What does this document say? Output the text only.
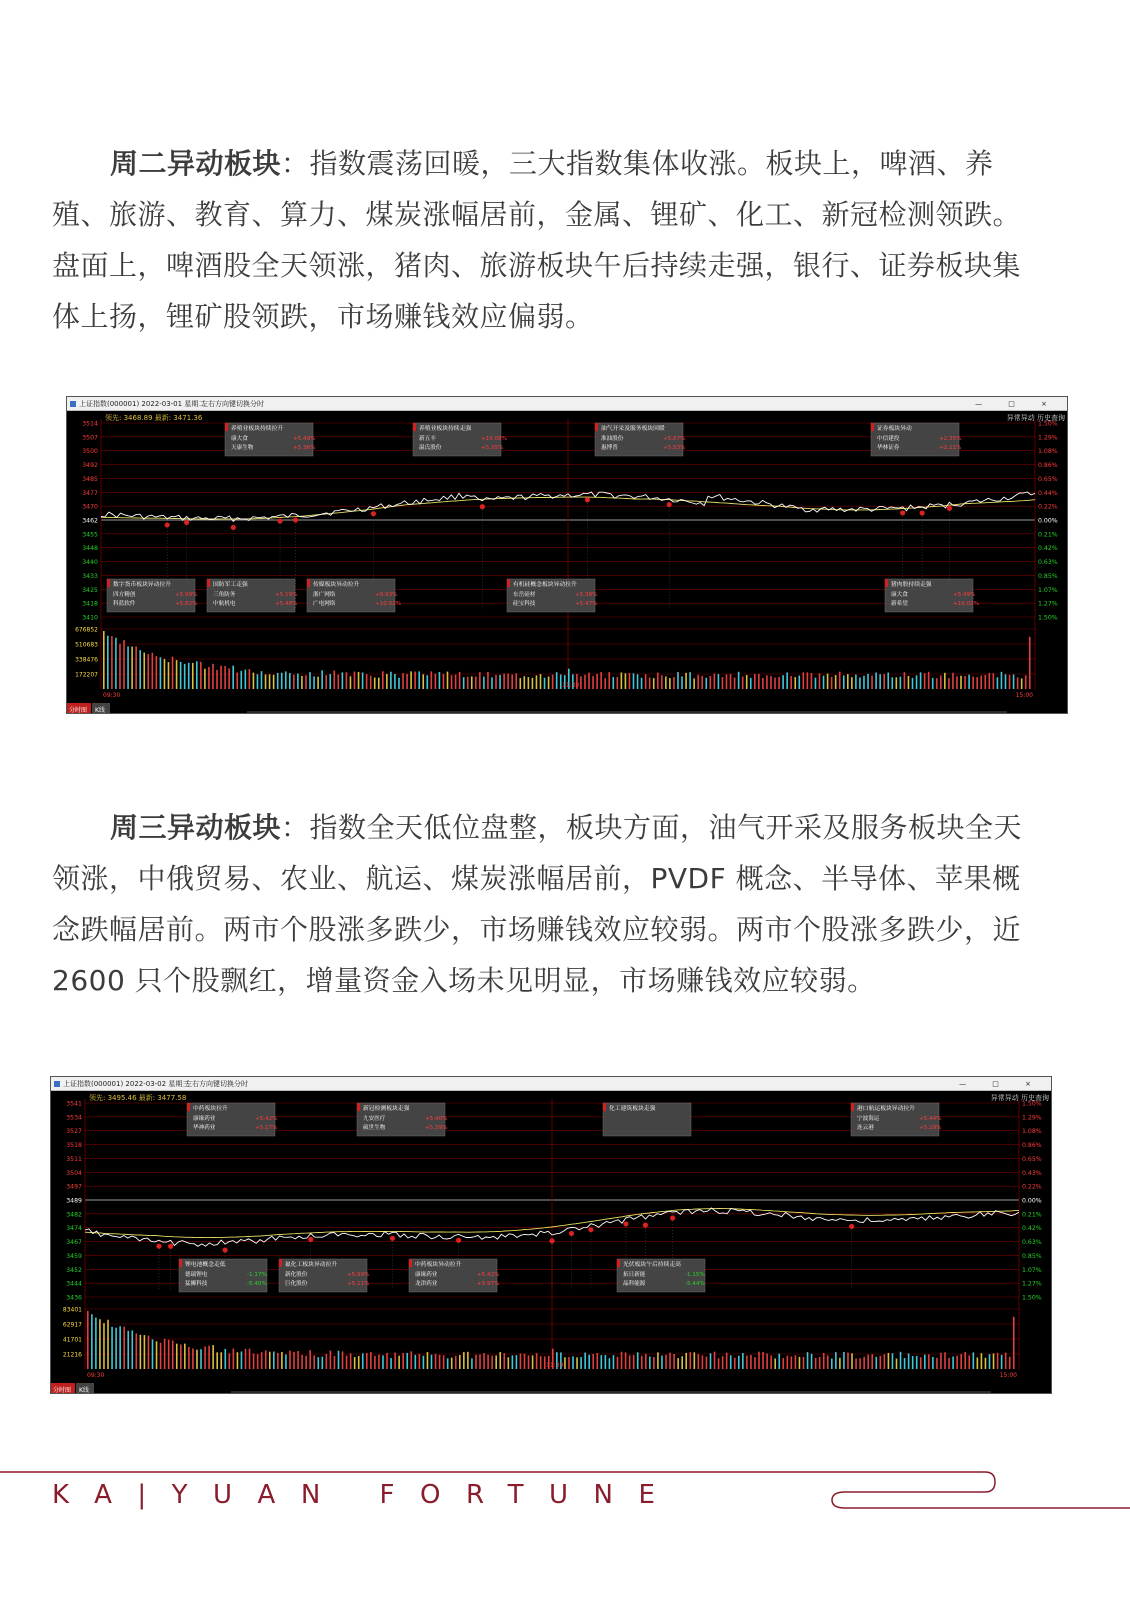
周二异动板块：指数震荡回暖，三大指数集体收涨。板块上，啤酒、养殖、旅游、教育、算力、煤炭涨幅居前，金属、锂矿、化工、新冠检测领跌。盘面上，啤酒股全天领涨，猪肉、旅游板块午后持续走强，银行、证券板块集体上扬，锂矿股领跌，市场赚钱效应偏弱。

上证指数(000001) 2022-03-01 星期二
左右方向键切换分时	— □ ×
领先: 3468.89 最新: 3471.36	异常异动 历史查询
3514	1.50%
3507	1.29%
3500	1.08%
3492	0.86%
3485	0.65%
3477	0.44%
3470	0.22%
3462	0.00%
3455	0.21%
3448	0.42%
3440	0.63%
3433	0.85%
3425	1.07%
3418	1.27%
3410	1.50%
676852
510683
338476
172207
养殖业板块持续拉升
康大食	+5.49%
天康生物	+5.36%
养殖业板块持续走强
新五丰	+10.08%
温氏股份	+5.35%
油气开采及服务板块回暖
准油股份	+5.67%
惠博普	+5.53%
证券板块异动
中信建投	+2.35%
华林证券	+2.21%
数字货币板块异动拉升
四方精创	+5.99%
科蓝软件	+5.82%
国防军工走强
三角防务	+5.19%
中航机电	+5.48%
传媒板块异动拉升
浙广网络	+9.93%
广电网络	+10.02%
有机硅概念板块异动拉升
东岳硅材	+5.38%
硅宝科技	+5.47%
猪肉股持续走强
康大食	+5.49%
新希望	+10.02%
09:30
11:30
15:00
分时图 K线

周三异动板块：指数全天低位盘整，板块方面，油气开采及服务板块全天领涨，中俄贸易、农业、航运、煤炭涨幅居前，PVDF 概念、半导体、苹果概念跌幅居前。两市个股涨多跌少，市场赚钱效应较弱。两市个股涨多跌少，近 2600 只个股飘红，增量资金入场未见明显，市场赚钱效应较弱。

上证指数(000001) 2022-03-02 星期三
左右方向键切换分时	— □ ×
领先: 3495.46 最新: 3477.58	异常异动 历史查询
3541	1.50%
3534	1.29%
3527	1.08%
3518	0.86%
3511	0.65%
3504	0.43%
3497	0.22%
3489	0.00%
3482	0.21%
3474	0.42%
3467	0.63%
3459	0.85%
3452	1.07%
3444	1.27%
3436	1.50%
83401
62917
41701
21216
中药板块拉升
康缘药业	+5.42%
华神药业	+5.17%
新冠检测板块走强
九安医疗	+5.40%
硕世生物	+5.39%
化工建筑板块走强	港口航运板块异动拉升
宁波海运	+5.44%
连云港	+5.29%
锂电池概念走低
德瑞锂电	-1.17%
猛狮科技	-5.40%
氟化工板块异动拉升
新化股份	+5.99%
巨化股份	+5.11%
中药板块异动拉升
康缘药业	+5.42%
龙津药业	+9.97%
光伏板块午后持续走高
拓日新能	-1.15%
晶科能源	-5.44%
09:30
11:30
15:00
分时图 K线
KA|YUAN FORTUNE
